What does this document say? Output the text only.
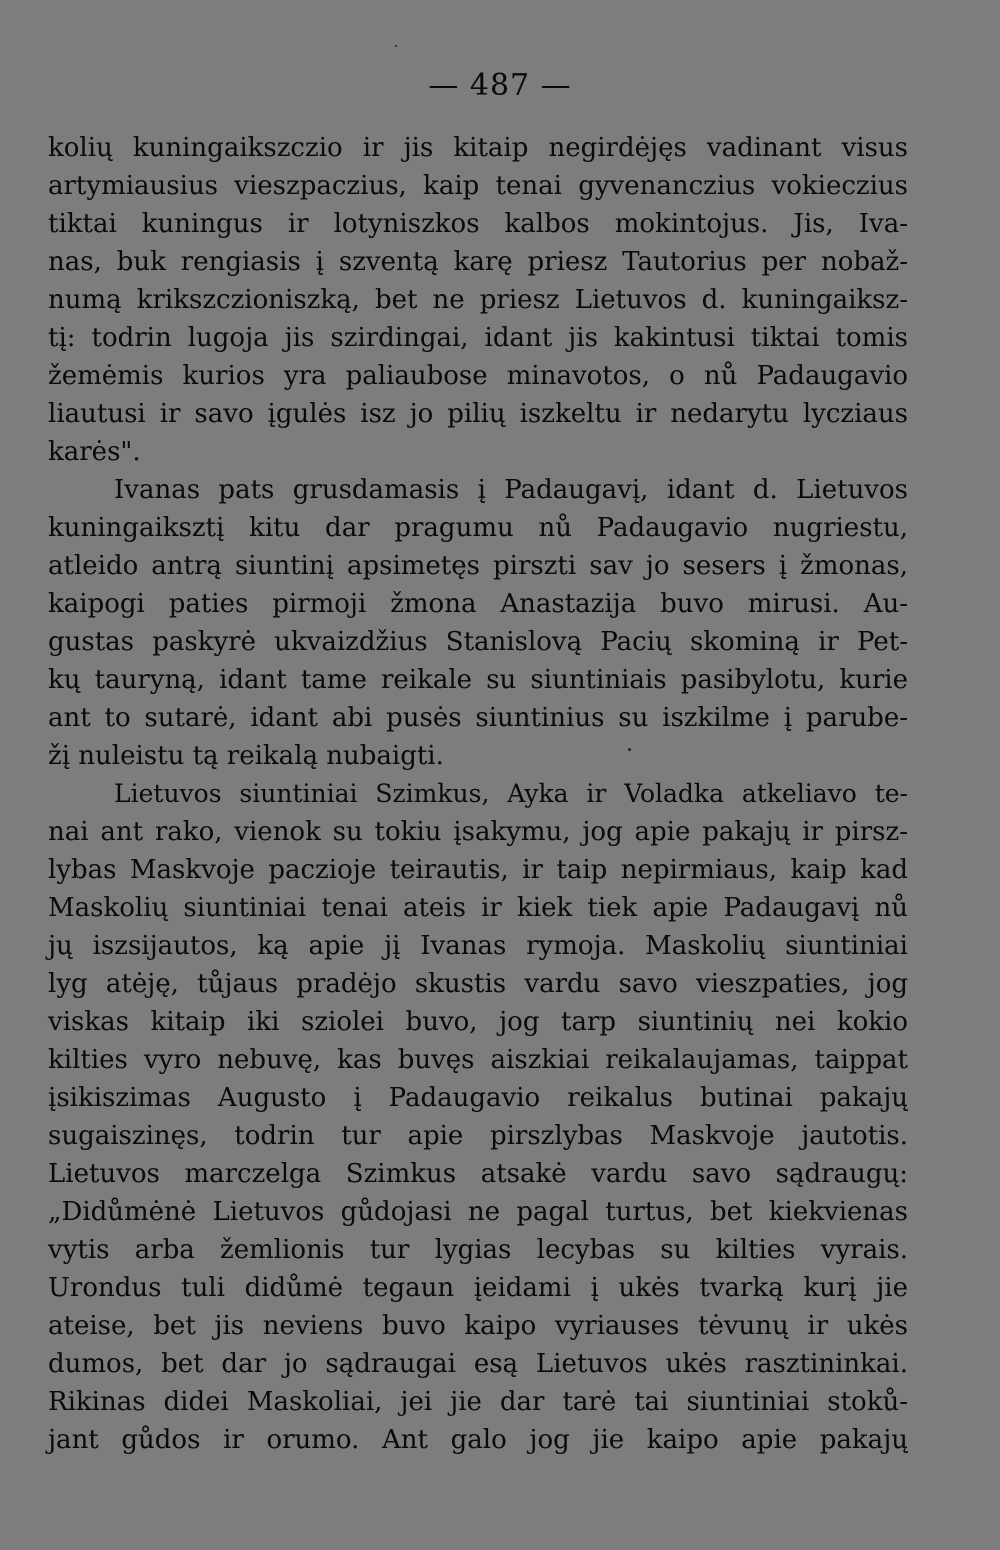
— 487 —
kolių kuningaikszczio ir jis kitaip negirdėjęs vadinant visus
artymiausius vieszpaczius, kaip tenai gyvenanczius vokieczius
tiktai kuningus ir lotyniszkos kalbos mokintojus. Jis, Iva-
nas, buk rengiasis į szventą karę priesz Tautorius per nobaž-
numą krikszczioniszką, bet ne priesz Lietuvos d. kuningaiksz-
tį: todrin lugoja jis szirdingai, idant jis kakintusi tiktai tomis
žemėmis kurios yra paliaubose minavotos, o nů Padaugavio
liautusi ir savo įgulės isz jo pilių iszkeltu ir nedarytu lycziaus
karės".
Ivanas pats grusdamasis į Padaugavį, idant d. Lietuvos
kuningaiksztį kitu dar pragumu nů Padaugavio nugriestu,
atleido antrą siuntinį apsimetęs pirszti sav jo sesers į žmonas,
kaipogi paties pirmoji žmona Anastazija buvo mirusi. Au-
gustas paskyrė ukvaizdžius Stanislovą Pacių skominą ir Pet-
kų tauryną, idant tame reikale su siuntiniais pasibylotu, kurie
ant to sutarė, idant abi pusės siuntinius su iszkilme į parube-
žį nuleistu tą reikalą nubaigti.
Lietuvos siuntiniai Szimkus, Ayka ir Voladka atkeliavo te-
nai ant rako, vienok su tokiu įsakymu, jog apie pakajų ir pirsz-
lybas Maskvoje paczioje teirautis, ir taip nepirmiaus, kaip kad
Maskolių siuntiniai tenai ateis ir kiek tiek apie Padaugavį nů
jų iszsijautos, ką apie jį Ivanas rymoja. Maskolių siuntiniai
lyg atėję, tůjaus pradėjo skustis vardu savo vieszpaties, jog
viskas kitaip iki sziolei buvo, jog tarp siuntinių nei kokio
kilties vyro nebuvę, kas buvęs aiszkiai reikalaujamas, taippat
įsikiszimas Augusto į Padaugavio reikalus butinai pakajų
sugaiszinęs, todrin tur apie pirszlybas Maskvoje jautotis.
Lietuvos marczelga Szimkus atsakė vardu savo sądraugų:
„Didůmėnė Lietuvos gůdojasi ne pagal turtus, bet kiekvienas
vytis arba žemlionis tur lygias lecybas su kilties vyrais.
Urondus tuli didůmė tegaun įeidami į ukės tvarką kurį jie
ateise, bet jis neviens buvo kaipo vyriauses tėvunų ir ukės
dumos, bet dar jo sądraugai esą Lietuvos ukės rasztininkai.
Rikinas didei Maskoliai, jei jie dar tarė tai siuntiniai stoků-
jant gůdos ir orumo. Ant galo jog jie kaipo apie pakajų
